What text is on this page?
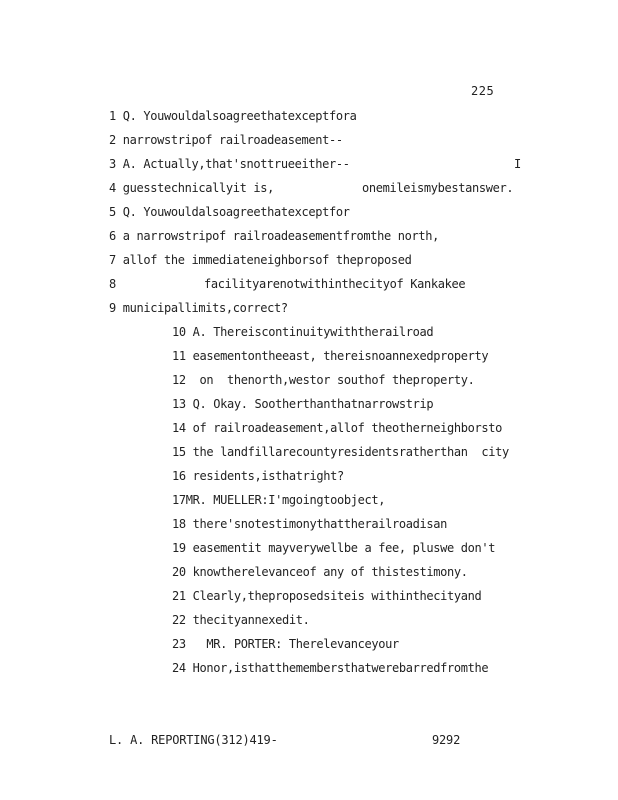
225
1 Q. Youwouldalsoagreethatexceptfora
2 narrowstripof railroadeasement--
3 A. Actually,that'snottrueeither--	I
4 guesstechnicallyit is,	onemileismybestanswer.
5 Q. Youwouldalsoagreethatexceptfor
6 a narrowstripof railroadeasementfromthe north,
7 allof the immediateneighborsof theproposed
8	facilityarenotwithinthecityof Kankakee
9 municipallimits,correct?
10 A. Thereiscontinuitywiththerailroad
11 easementontheeast, thereisnoannexedproperty
12  on  thenorth,westor southof theproperty.
13 Q. Okay. Sootherthanthatnarrowstrip
14 of railroadeasement,allof theotherneighborsto
15 the landfillarecountyresidentsratherthan  city
16 residents,isthatright?
17MR. MUELLER:I'mgoingtoobject,
18 there'snotestimonythattherailroadisan
19 easementit mayverywellbe a fee, pluswe don't
20 knowtherelevanceof any of thistestimony.
21 Clearly,theproposedsiteis withinthecityand
22 thecityannexedit.
23   MR. PORTER: Therelevanceyour
24 Honor,isthatthemembersthatwerebarredfromthe
L. A. REPORTING(312)419-	9292
